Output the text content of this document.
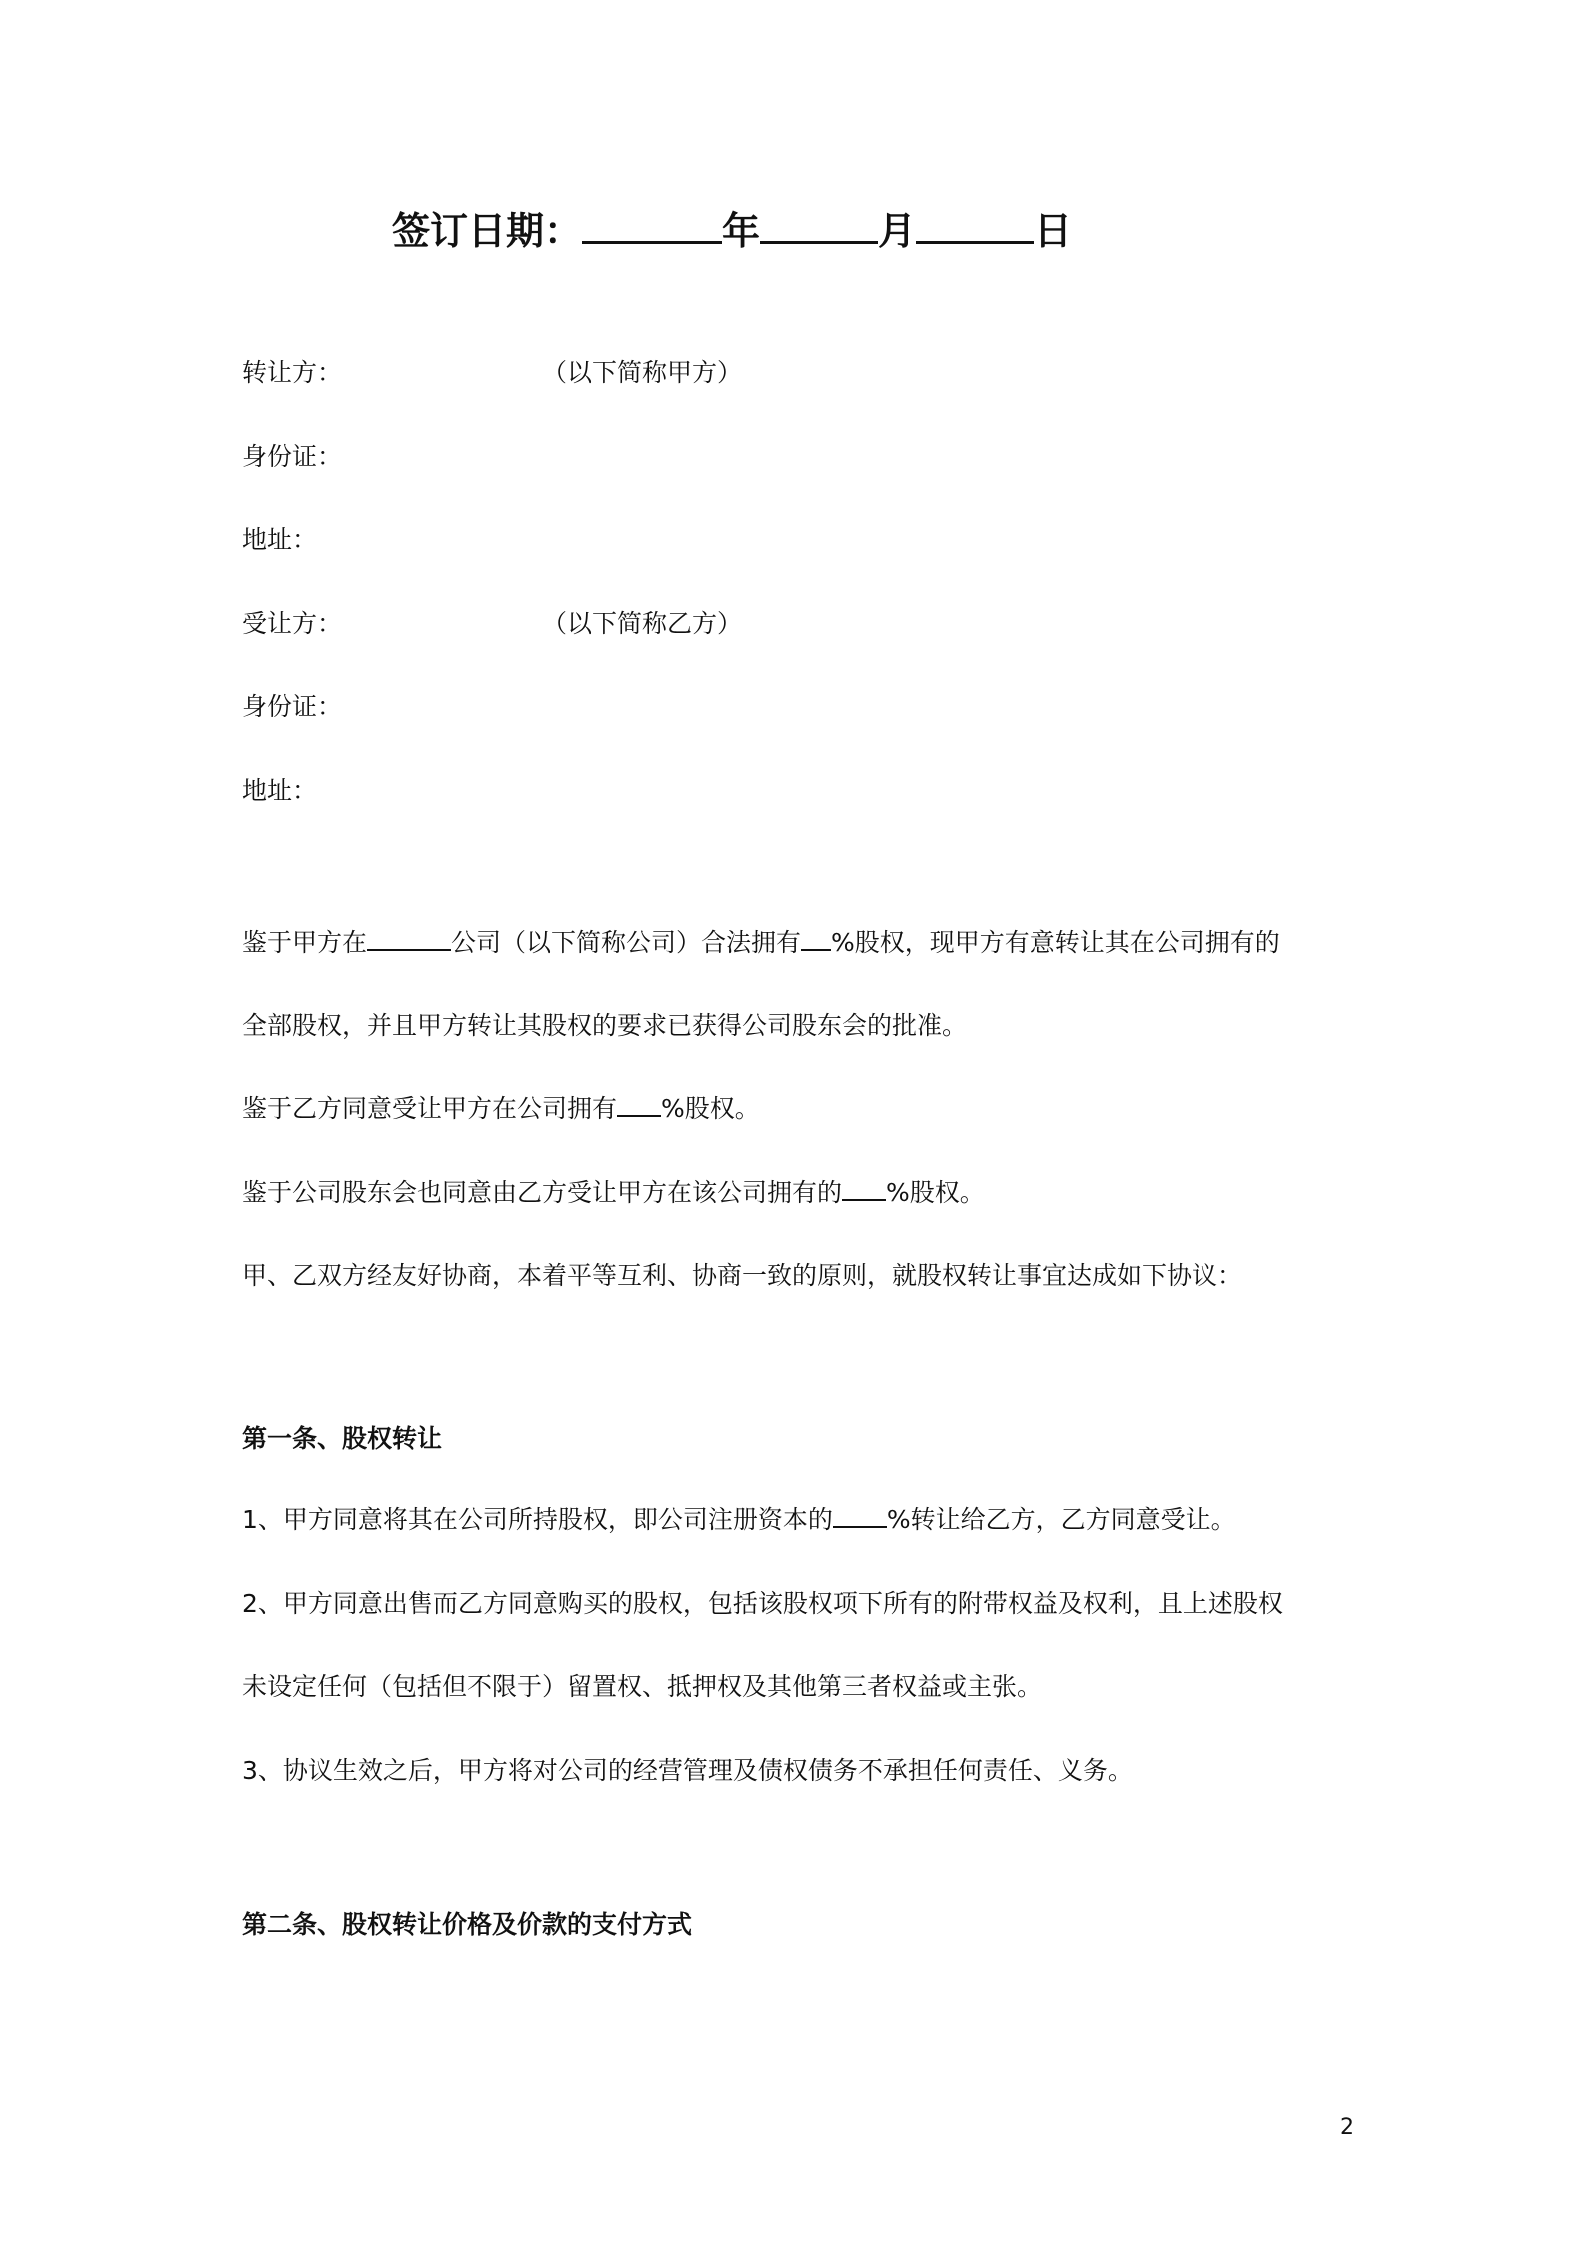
签订日期：	年	月	日
转让方：	（以下简称甲方）
身份证：
地址：
受让方：	（以下简称乙方）
身份证：
地址：
鉴于甲方在	公司（以下简称公司）合法拥有 %股权，现甲方有意转让其在公司拥有的
全部股权，并且甲方转让其股权的要求已获得公司股东会的批准。
鉴于乙方同意受让甲方在公司拥有 %股权。
鉴于公司股东会也同意由乙方受让甲方在该公司拥有的 %股权。
甲、乙双方经友好协商，本着平等互利、协商一致的原则，就股权转让事宜达成如下协议：
第一条、股权转让
1、甲方同意将其在公司所持股权，即公司注册资本的 %转让给乙方，乙方同意受让。
2、甲方同意出售而乙方同意购买的股权，包括该股权项下所有的附带权益及权利，且上述股权
未设定任何（包括但不限于）留置权、抵押权及其他第三者权益或主张。
3、协议生效之后，甲方将对公司的经营管理及债权债务不承担任何责任、义务。
第二条、股权转让价格及价款的支付方式
2
